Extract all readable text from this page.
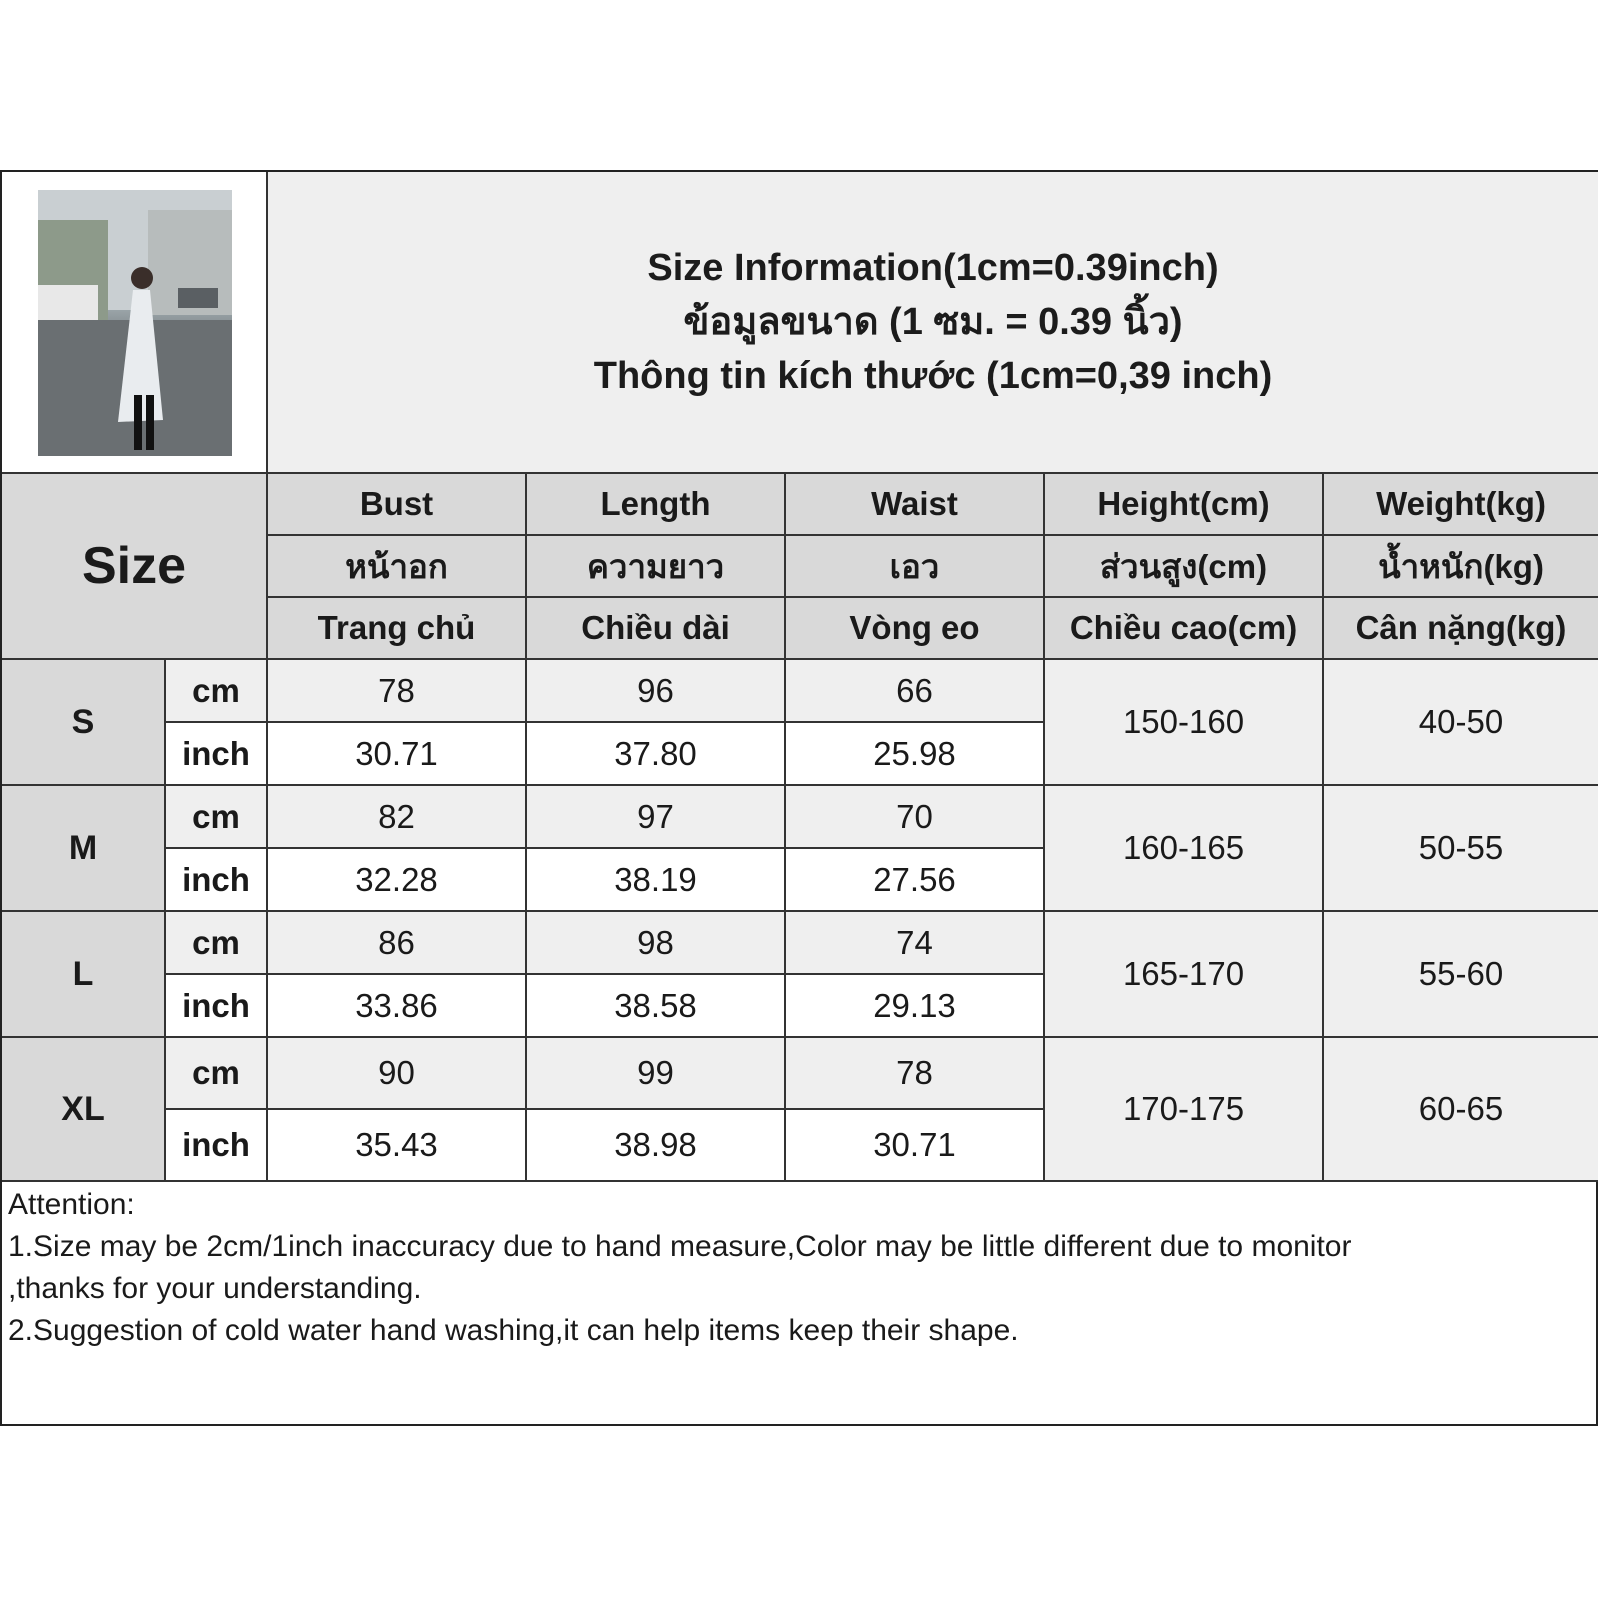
Size Information(1cm=0.39inch)
ข้อมูลขนาด (1 ซม. = 0.39 นิ้ว)
Thông tin kích thước (1cm=0,39 inch)
Size
Attention:
1.Size may be 2cm/1inch inaccuracy due to hand measure,Color may be little different due to monitor
,thanks for your understanding.
2.Suggestion of cold water hand washing,it can help items keep their shape.
Bust	Length	Waist	Height(cm)	Weight(kg)
หน้าอก	ความยาว	เอว	ส่วนสูง(cm)	น้ำหนัก(kg)
Trang chủ	Chiều dài	Vòng eo	Chiều cao(cm)	Cân nặng(kg)
S
cm	78	96	66
inch	30.71	37.80	25.98
150-160	40-50
M
cm	82	97	70
inch	32.28	38.19	27.56
160-165	50-55
L
cm	86	98	74
inch	33.86	38.58	29.13
165-170	55-60
XL
cm	90	99	78
inch	35.43	38.98	30.71
170-175	60-65
